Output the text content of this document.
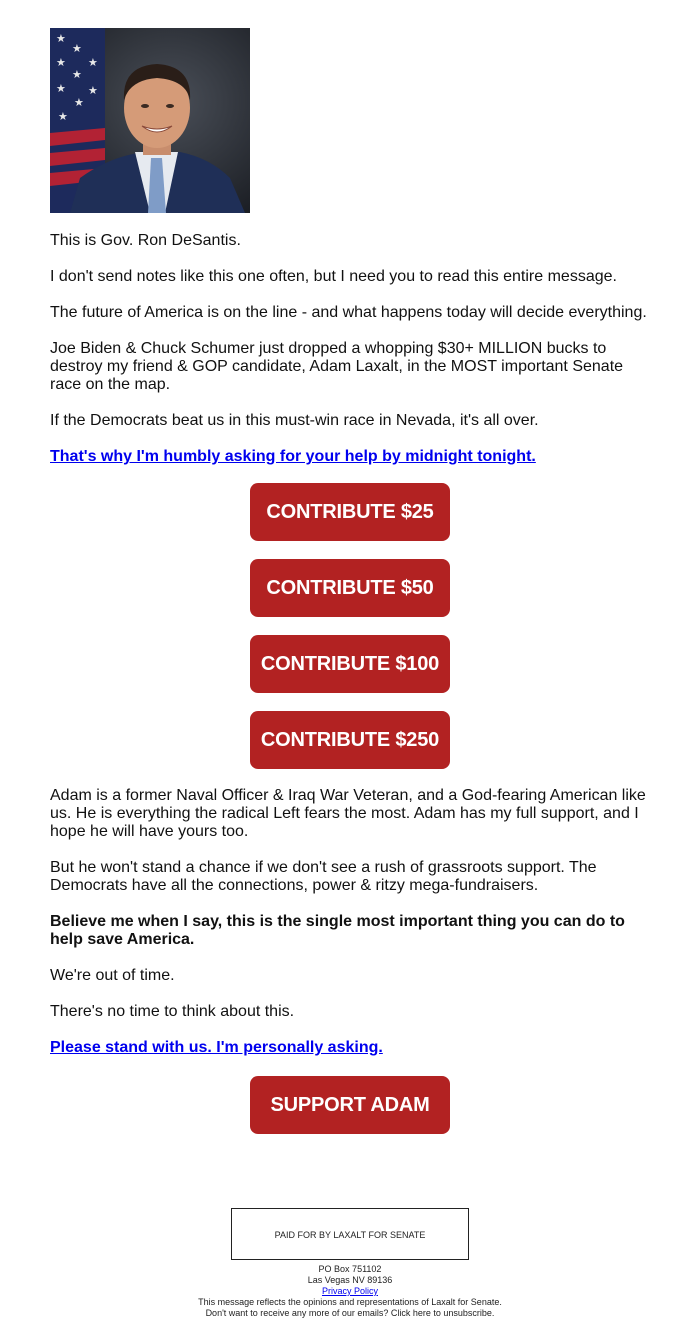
★
★
★
★
★
★
★
★
★

This is Gov. Ron DeSantis.

I don't send notes like this one often, but I need you to read this entire message.

The future of America is on the line - and what happens today will decide everything.

Joe Biden & Chuck Schumer just dropped a whopping $30+ MILLION bucks to destroy my friend & GOP candidate, Adam Laxalt, in the MOST important Senate race on the map.

If the Democrats beat us in this must-win race in Nevada, it's all over.

That's why I'm humbly asking for your help by midnight tonight.

CONTRIBUTE $25
CONTRIBUTE $50
CONTRIBUTE $100
CONTRIBUTE $250

Adam is a former Naval Officer & Iraq War Veteran, and a God-fearing American like us. He is everything the radical Left fears the most. Adam has my full support, and I hope he will have yours too.

But he won't stand a chance if we don't see a rush of grassroots support. The Democrats have all the connections, power & ritzy mega-fundraisers.

Believe me when I say, this is the single most important thing you can do to help save America.

We're out of time.

There's no time to think about this.

Please stand with us. I'm personally asking.

SUPPORT ADAM
PAID FOR BY LAXALT FOR SENATE
PO Box 751102
Las Vegas NV 89136
Privacy Policy
This message reflects the opinions and representations of Laxalt for Senate.
Don't want to receive any more of our emails? Click here to unsubscribe.
